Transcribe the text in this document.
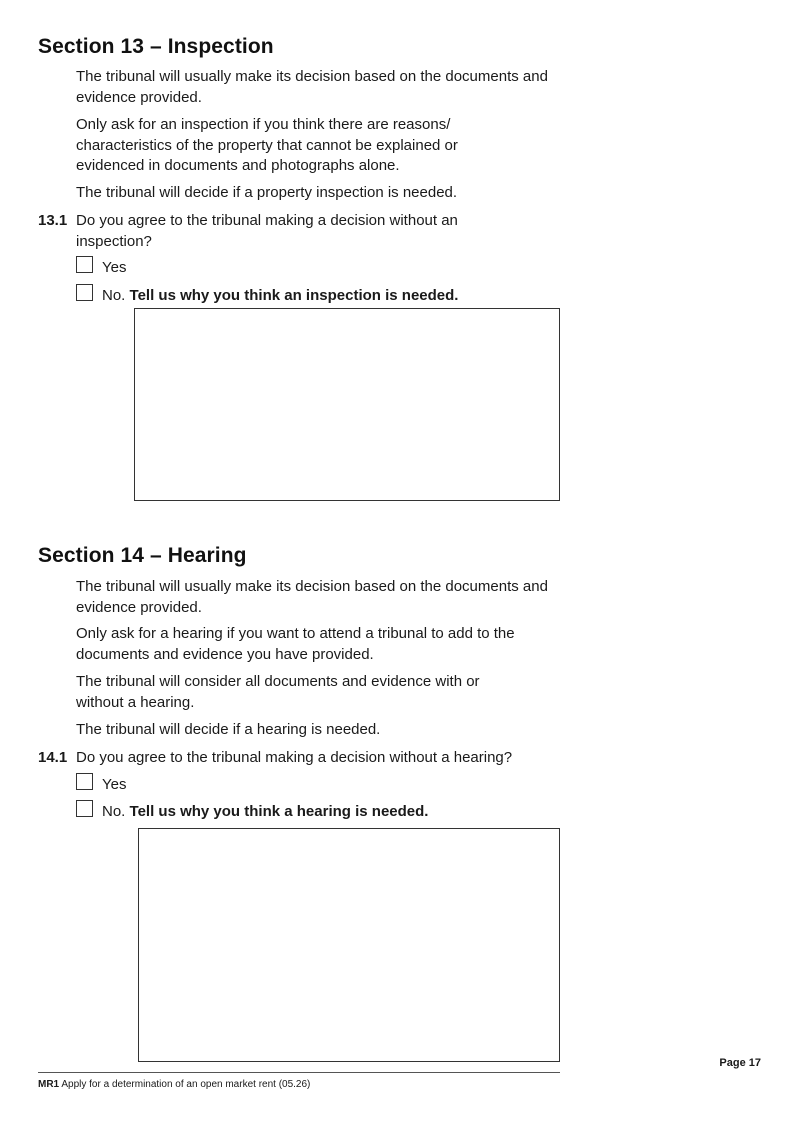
Section 13 – Inspection

The tribunal will usually make its decision based on the documents and evidence provided.

Only ask for an inspection if you think there are reasons/ characteristics of the property that cannot be explained or evidenced in documents and photographs alone.

The tribunal will decide if a property inspection is needed.

13.1 Do you agree to the tribunal making a decision without an inspection?

Yes
No. Tell us why you think an inspection is needed.
Section 14 – Hearing

The tribunal will usually make its decision based on the documents and evidence provided.

Only ask for a hearing if you want to attend a tribunal to add to the documents and evidence you have provided.

The tribunal will consider all documents and evidence with or without a hearing.

The tribunal will decide if a hearing is needed.

14.1 Do you agree to the tribunal making a decision without a hearing?

Yes
No. Tell us why you think a hearing is needed.
MR1 Apply for a determination of an open market rent (05.26)
Page 17
